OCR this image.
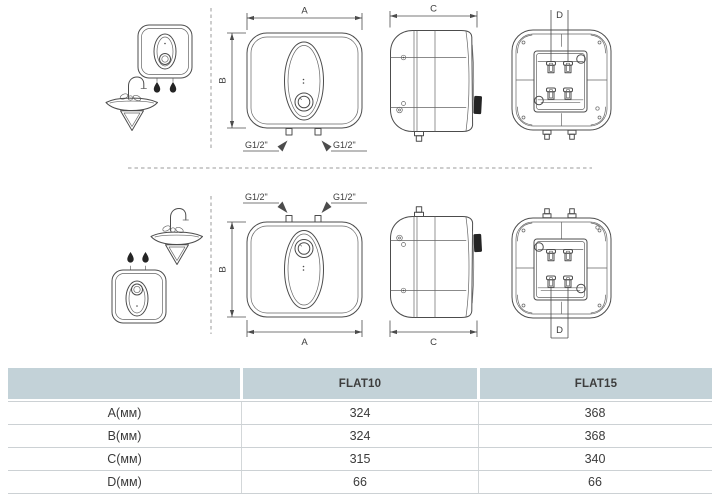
A
B
G1/2"	G1/2"
C
D
G1/2"	G1/2"
B
A	C
D
FLAT10	FLAT15
A(мм)	324	368
B(мм)	324	368
C(мм)	315	340
D(мм)	66	66
